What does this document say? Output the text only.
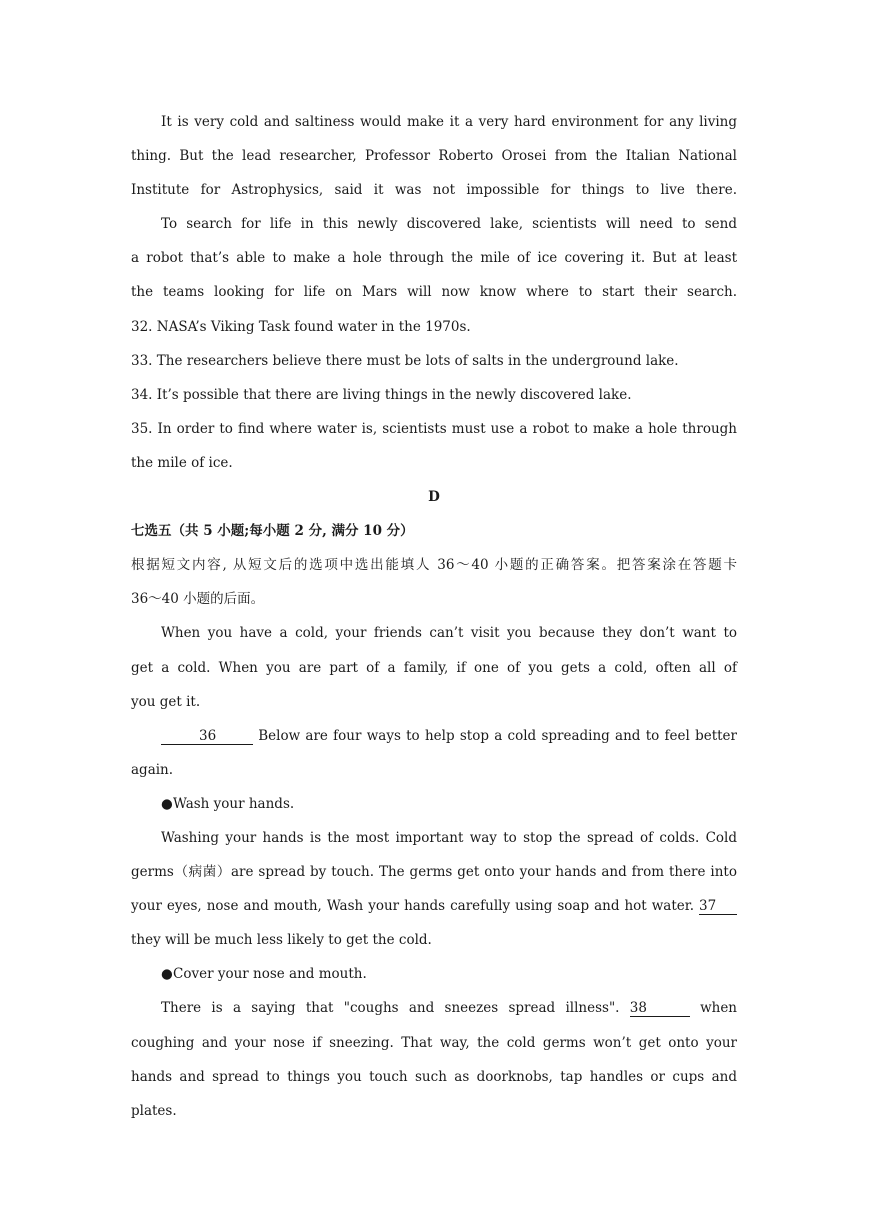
It is very cold and saltiness would make it a very hard environment for any living
thing. But the lead researcher, Professor Roberto Orosei from the Italian National
Institute for Astrophysics, said it was not impossible for things to live there.
To search for life in this newly discovered lake, scientists will need to send
a robot that’s able to make a hole through the mile of ice covering it. But at least
the teams looking for life on Mars will now know where to start their search.
32. NASA’s Viking Task found water in the 1970s.
33. The researchers believe there must be lots of salts in the underground lake.
34. It’s possible that there are living things in the newly discovered lake.
35. In order to find where water is, scientists must use a robot to make a hole through
the mile of ice.
D
七选五（共 5 小题;每小题 2 分, 满分 10 分）
根据短文内容, 从短文后的选项中选出能填人 36～40 小题的正确答案。把答案涂在答题卡
36～40 小题的后面。
When you have a cold, your friends can’t visit you because they don’t want to
get a cold. When you are part of a family, if one of you gets a cold, often all of
you get it.
36	Below are four ways to help stop a cold spreading and to feel better
again.
●Wash your hands.
Washing your hands is the most important way to stop the spread of colds. Cold
germs（病菌）are spread by touch. The germs get onto your hands and from there into
your eyes, nose and mouth, Wash your hands carefully using soap and hot water. 37
they will be much less likely to get the cold.
●Cover your nose and mouth.
There is a saying that "coughs and sneezes spread illness". 38	when
coughing and your nose if sneezing. That way, the cold germs won’t get onto your
hands and spread to things you touch such as doorknobs, tap handles or cups and
plates.
